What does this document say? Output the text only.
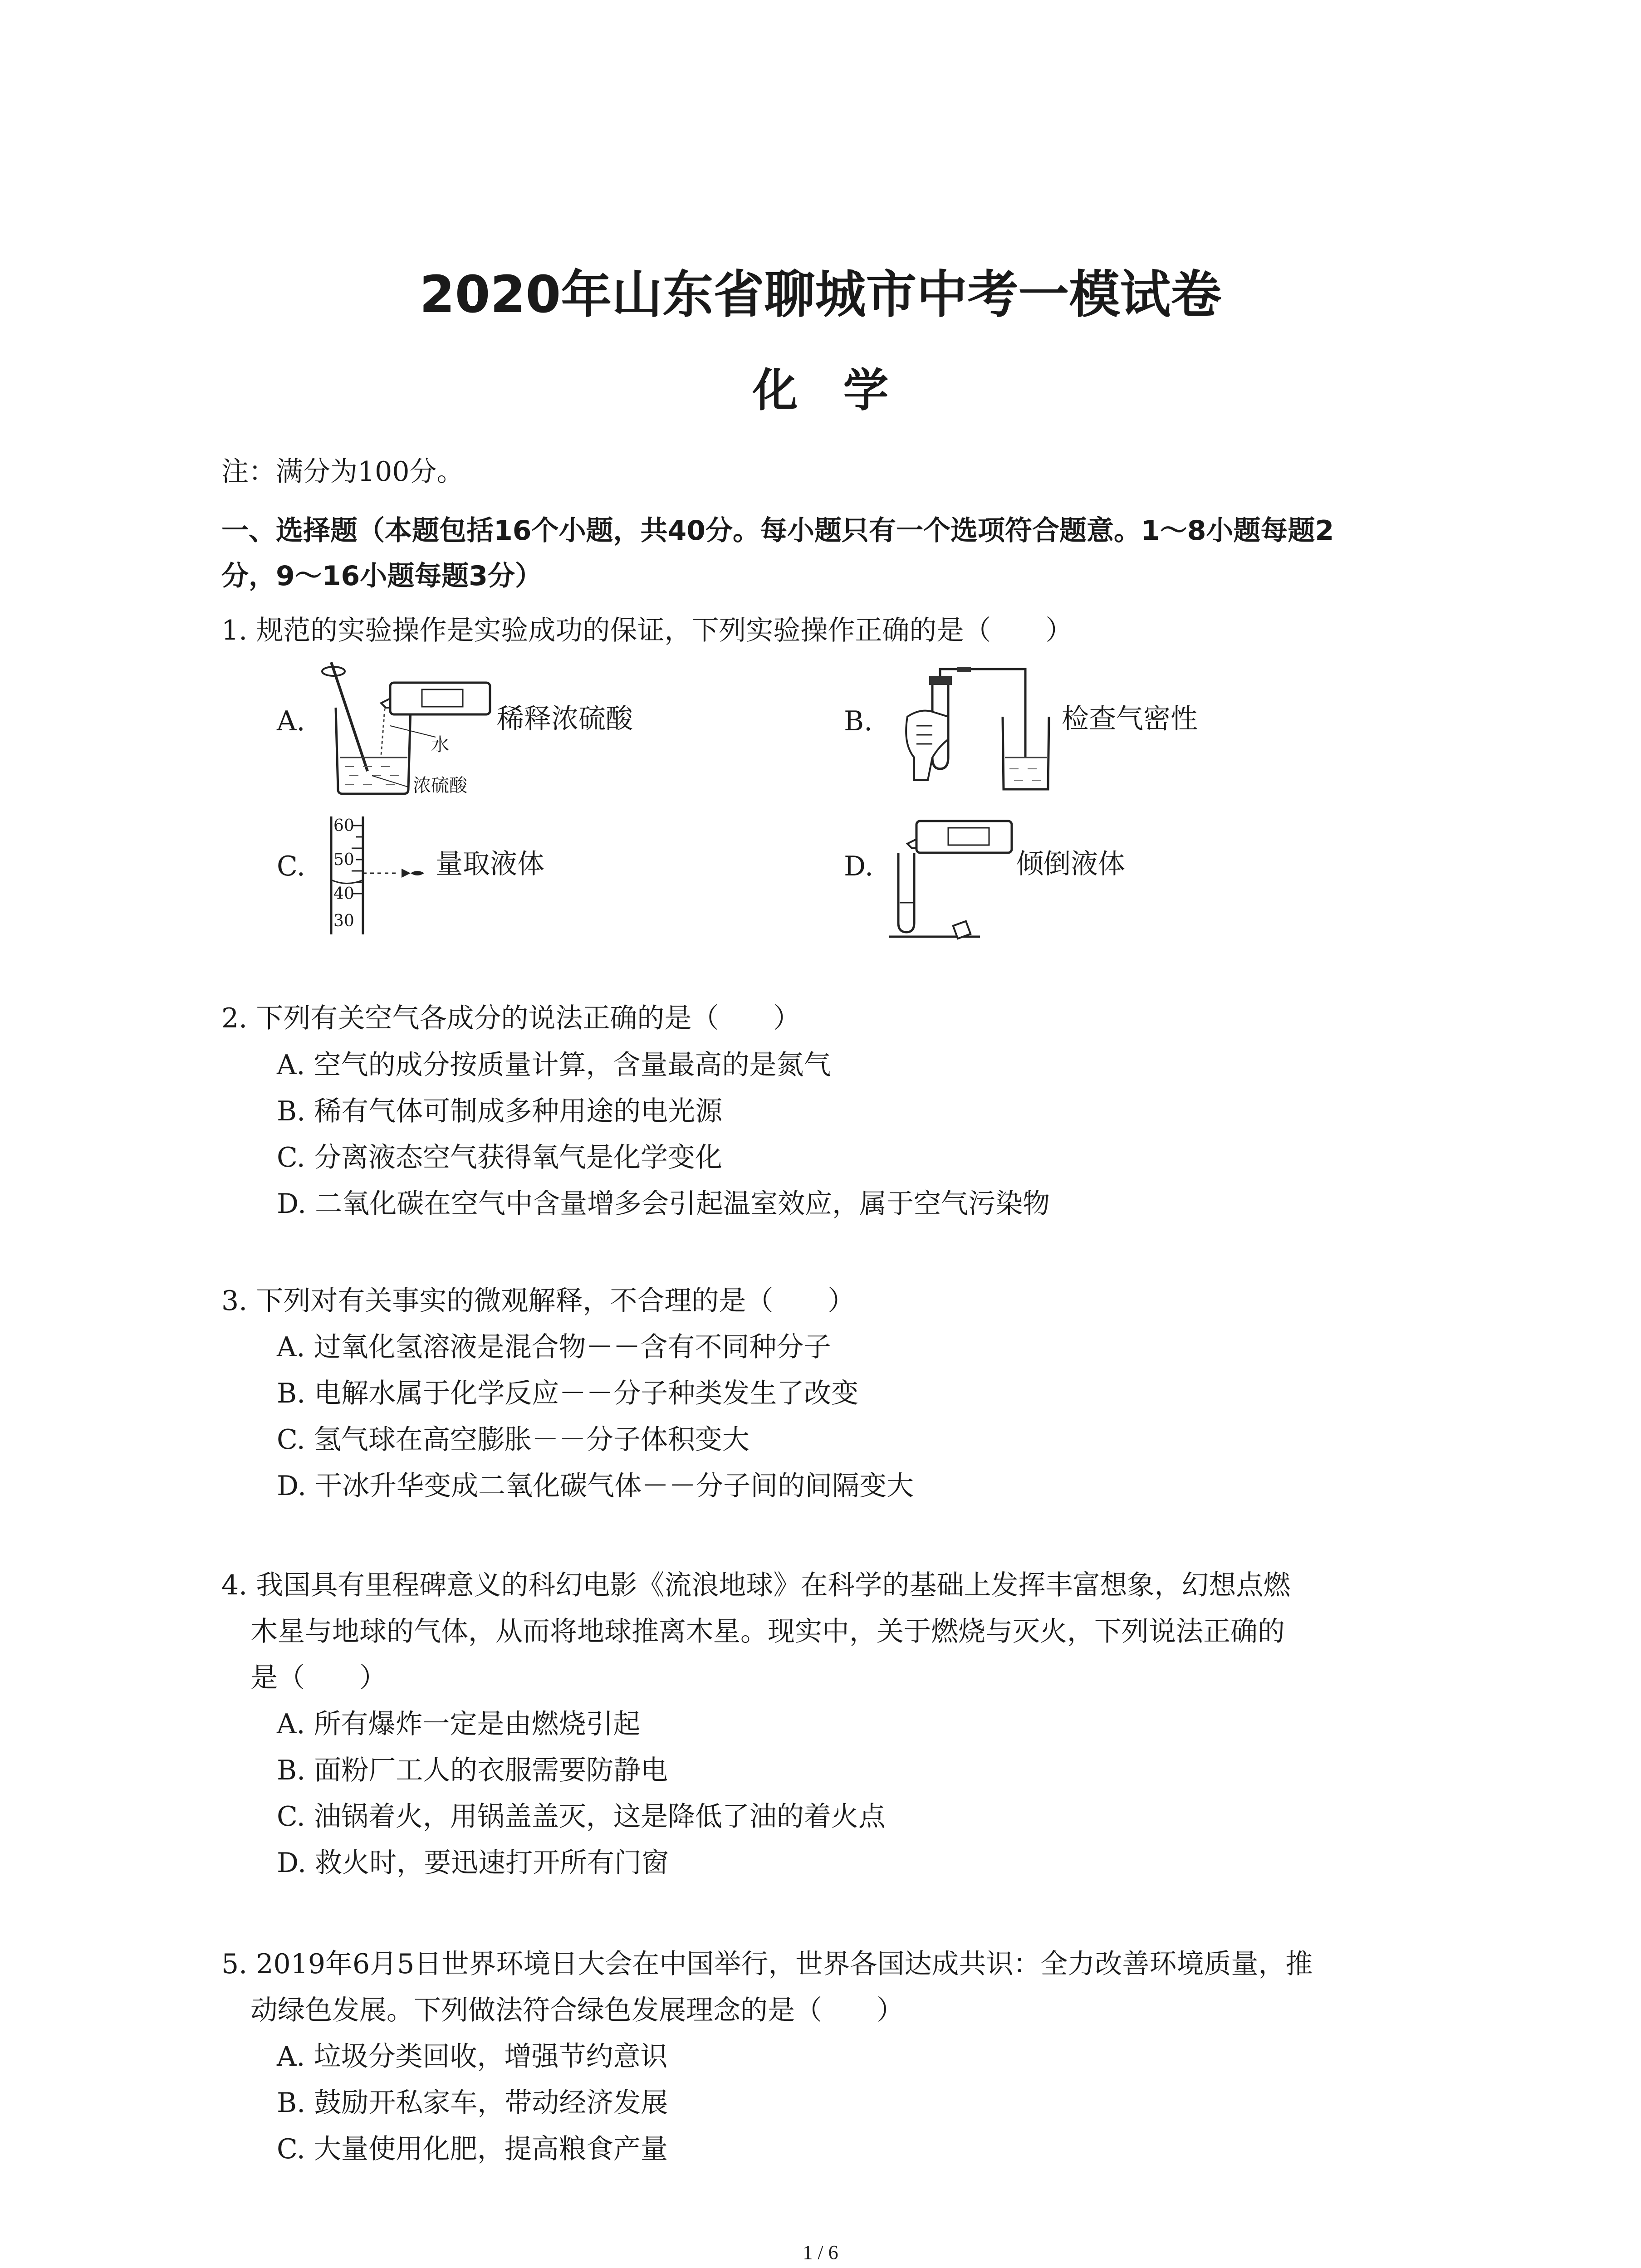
2020年山东省聊城市中考一模试卷
化学
注：满分为100分。
一、选择题（本题包括16个小题，共40分。每小题只有一个选项符合题意。1～8小题每题2
分，9～16小题每题3分）
1. 规范的实验操作是实验成功的保证，下列实验操作正确的是（　　）
A.
水
浓硫酸
稀释浓硫酸	B.	检查气密性
C.
60
50
40
30
量取液体	D.	倾倒液体
2. 下列有关空气各成分的说法正确的是（　　）
A. 空气的成分按质量计算，含量最高的是氮气
B. 稀有气体可制成多种用途的电光源
C. 分离液态空气获得氧气是化学变化
D. 二氧化碳在空气中含量增多会引起温室效应，属于空气污染物
3. 下列对有关事实的微观解释，不合理的是（　　）
A. 过氧化氢溶液是混合物－－含有不同种分子
B. 电解水属于化学反应－－分子种类发生了改变
C. 氢气球在高空膨胀－－分子体积变大
D. 干冰升华变成二氧化碳气体－－分子间的间隔变大
4. 我国具有里程碑意义的科幻电影《流浪地球》在科学的基础上发挥丰富想象，幻想点燃
木星与地球的气体，从而将地球推离木星。现实中，关于燃烧与灭火，下列说法正确的
是（　　）
A. 所有爆炸一定是由燃烧引起
B. 面粉厂工人的衣服需要防静电
C. 油锅着火，用锅盖盖灭，这是降低了油的着火点
D. 救火时，要迅速打开所有门窗
5. 2019年6月5日世界环境日大会在中国举行，世界各国达成共识：全力改善环境质量，推
动绿色发展。下列做法符合绿色发展理念的是（　　）
A. 垃圾分类回收，增强节约意识
B. 鼓励开私家车，带动经济发展
C. 大量使用化肥，提高粮食产量
1 / 6
